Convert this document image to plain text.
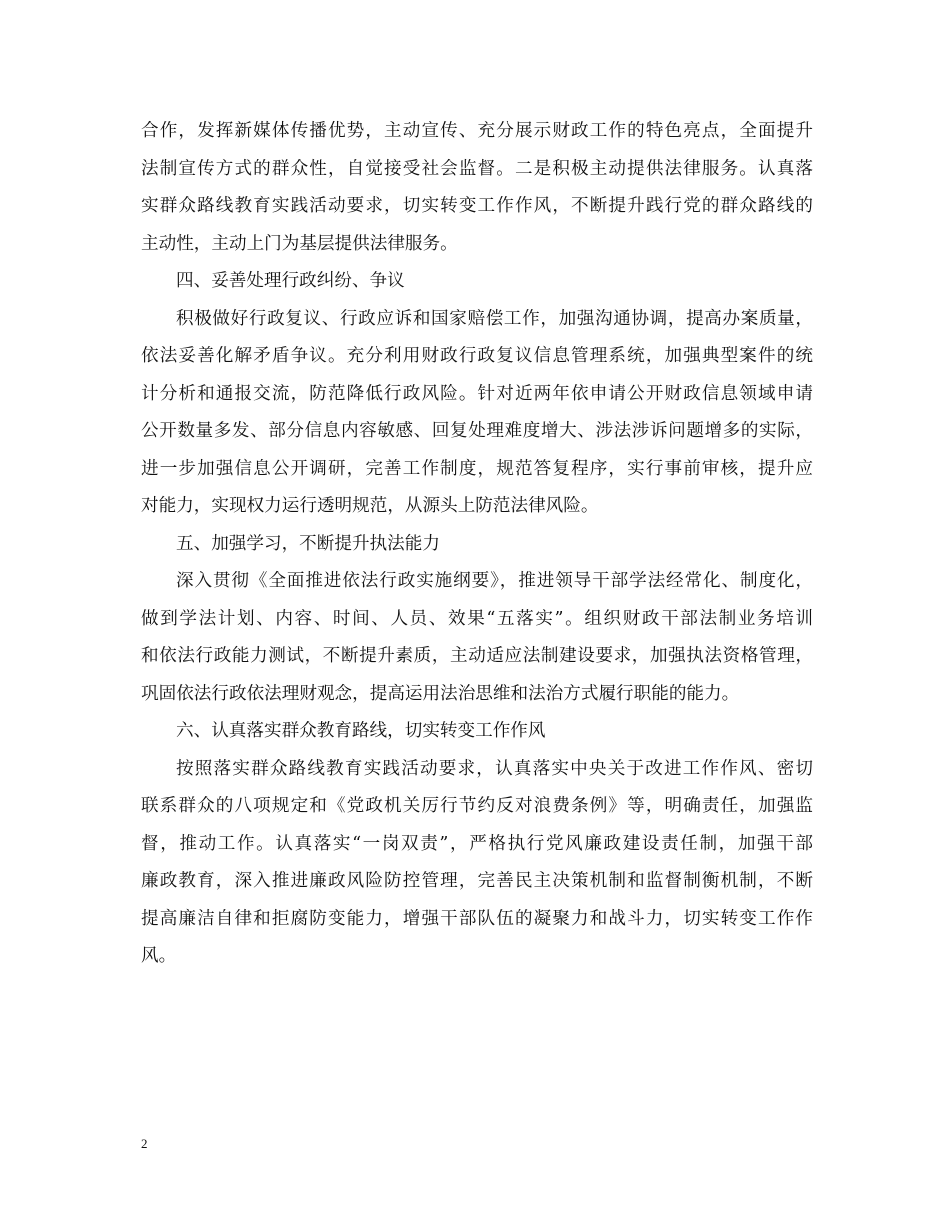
合作，发挥新媒体传播优势，主动宣传、充分展示财政工作的特色亮点，全面提升
法制宣传方式的群众性，自觉接受社会监督。二是积极主动提供法律服务。认真落
实群众路线教育实践活动要求，切实转变工作作风，不断提升践行党的群众路线的
主动性，主动上门为基层提供法律服务。
四、妥善处理行政纠纷、争议
积极做好行政复议、行政应诉和国家赔偿工作，加强沟通协调，提高办案质量，
依法妥善化解矛盾争议。充分利用财政行政复议信息管理系统，加强典型案件的统
计分析和通报交流，防范降低行政风险。针对近两年依申请公开财政信息领域申请
公开数量多发、部分信息内容敏感、回复处理难度增大、涉法涉诉问题增多的实际，
进一步加强信息公开调研，完善工作制度，规范答复程序，实行事前审核，提升应
对能力，实现权力运行透明规范，从源头上防范法律风险。
五、加强学习，不断提升执法能力
深入贯彻《全面推进依法行政实施纲要》，推进领导干部学法经常化、制度化，
做到学法计划、内容、时间、人员、效果“五落实”。组织财政干部法制业务培训
和依法行政能力测试，不断提升素质，主动适应法制建设要求，加强执法资格管理，
巩固依法行政依法理财观念，提高运用法治思维和法治方式履行职能的能力。
六、认真落实群众教育路线，切实转变工作作风
按照落实群众路线教育实践活动要求，认真落实中央关于改进工作作风、密切
联系群众的八项规定和《党政机关厉行节约反对浪费条例》等，明确责任，加强监
督，推动工作。认真落实“一岗双责”，严格执行党风廉政建设责任制，加强干部
廉政教育，深入推进廉政风险防控管理，完善民主决策机制和监督制衡机制，不断
提高廉洁自律和拒腐防变能力，增强干部队伍的凝聚力和战斗力，切实转变工作作
风。
2
